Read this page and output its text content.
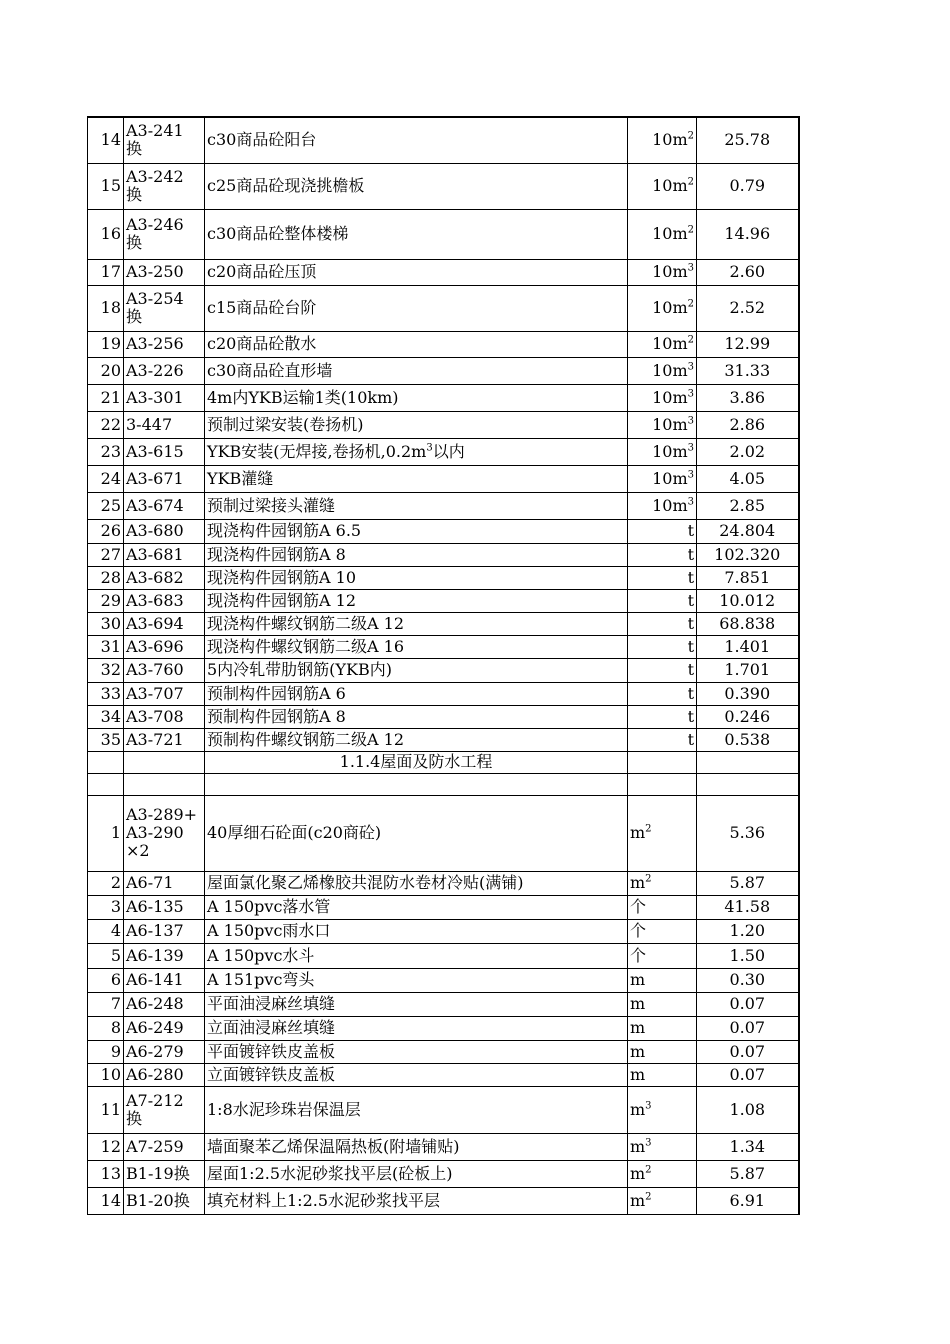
14	A3-241
换	c30商品砼阳台	$10m^2$	25.78
15	A3-242
换	c25商品砼现浇挑檐板	$10m^2$	0.79
16	A3-246
换	c30商品砼整体楼梯	$10m^2$	14.96
17	A3-250	c20商品砼压顶	$10m^3$	2.60
18	A3-254
换	c15商品砼台阶	$10m^2$	2.52
19	A3-256	c20商品砼散水	$10m^2$	12.99
20	A3-226	c30商品砼直形墙	$10m^3$	31.33
21	A3-301	4m内YKB运输1类(10km)	$10m^3$	3.86
22	3-447	预制过梁安装(卷扬机)	$10m^3$	2.86
23	A3-615	YKB安装(无焊接,卷扬机$,0.2m^3$以内	$10m^3$	2.02
24	A3-671	YKB灌缝	$10m^3$	4.05
25	A3-674	预制过梁接头灌缝	$10m^3$	2.85
26	A3-680	现浇构件园钢筋A 6.5	t	24.804
27	A3-681	现浇构件园钢筋A 8	t	102.320
28	A3-682	现浇构件园钢筋A 10	t	7.851
29	A3-683	现浇构件园钢筋A 12	t	10.012
30	A3-694	现浇构件螺纹钢筋二级A 12	t	68.838
31	A3-696	现浇构件螺纹钢筋二级A 16	t	1.401
32	A3-760	5内冷轧带肋钢筋(YKB内)	t	1.701
33	A3-707	预制构件园钢筋A 6	t	0.390
34	A3-708	预制构件园钢筋A 8	t	0.246
35	A3-721	预制构件螺纹钢筋二级A 12	t	0.538
		1.1.4屋面及防水工程		

1	A3-289+
A3-290
×2	40厚细石砼面(c20商砼)	$m^2$	5.36
2	A6-71	屋面氯化聚乙烯橡胶共混防水卷材冷贴(满铺)	$m^2$	5.87
3	A6-135	A 150pvc落水管	个	41.58
4	A6-137	A 150pvc雨水口	个	1.20
5	A6-139	A 150pvc水斗	个	1.50
6	A6-141	A 151pvc弯头	m	0.30
7	A6-248	平面油浸麻丝填缝	m	0.07
8	A6-249	立面油浸麻丝填缝	m	0.07
9	A6-279	平面镀锌铁皮盖板	m	0.07
10	A6-280	立面镀锌铁皮盖板	m	0.07
11	A7-212
换	1:8水泥珍珠岩保温层	$m^3$	1.08
12	A7-259	墙面聚苯乙烯保温隔热板(附墙铺贴)	$m^3$	1.34
13	B1-19换	屋面1:2.5水泥砂浆找平层(砼板上)	$m^2$	5.87
14	B1-20换	填充材料上1:2.5水泥砂浆找平层	$m^2$	6.91
